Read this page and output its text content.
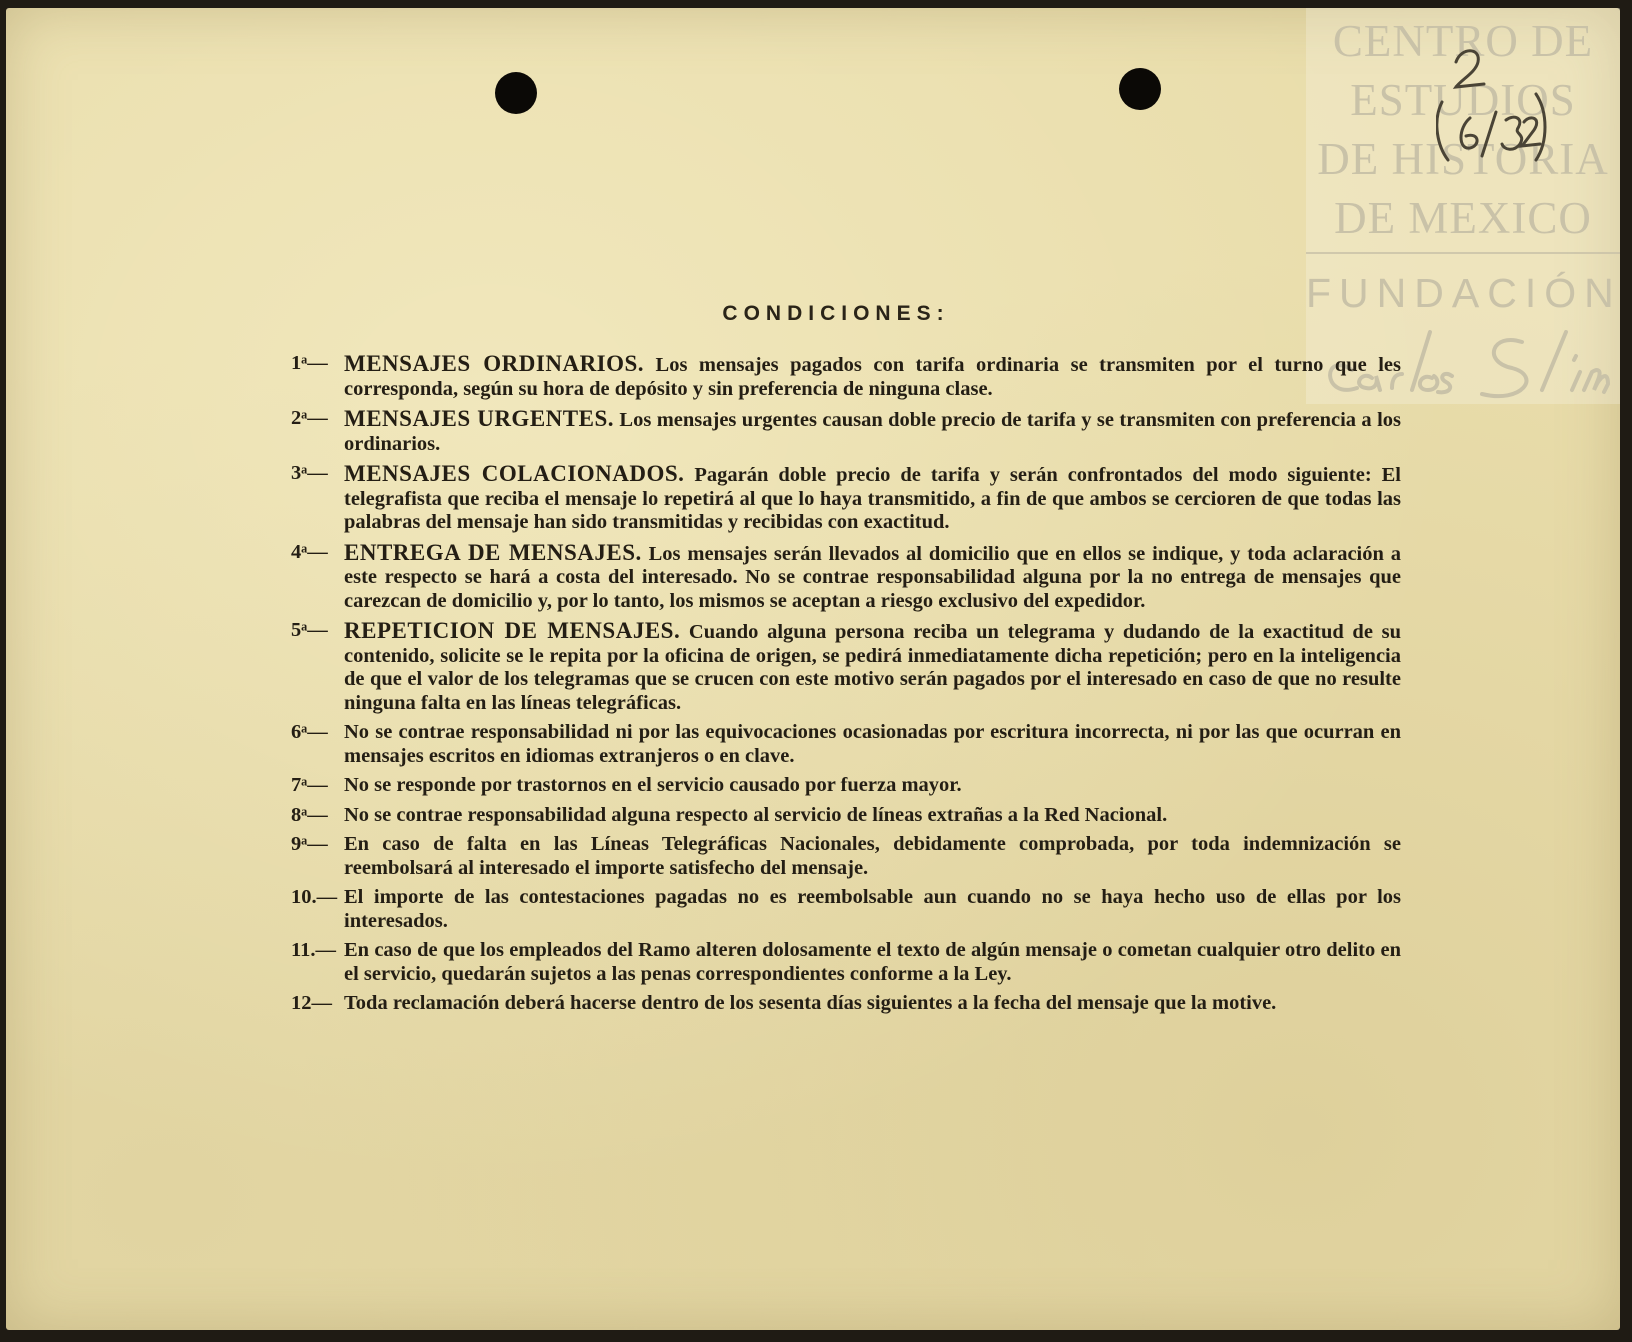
CENTRO DE
ESTUDIOS
DE HISTORIA
DE MEXICO
FUNDACIÓN
CONDICIONES:
1ᵃ— MENSAJES ORDINARIOS. Los mensajes pagados con tarifa ordinaria se transmiten por el turno que les corresponda, según su hora de depósito y sin preferencia de ninguna clase.
2ᵃ— MENSAJES URGENTES. Los mensajes urgentes causan doble precio de tarifa y se transmiten con preferencia a los ordinarios.
3ᵃ— MENSAJES COLACIONADOS. Pagarán doble precio de tarifa y serán confrontados del modo siguiente: El telegrafista que reciba el mensaje lo repetirá al que lo haya transmitido, a fin de que ambos se cercioren de que todas las palabras del mensaje han sido transmitidas y recibidas con exactitud.
4ᵃ— ENTREGA DE MENSAJES. Los mensajes serán llevados al domicilio que en ellos se indique, y toda aclaración a este respecto se hará a costa del interesado. No se contrae responsabilidad alguna por la no entrega de mensajes que carezcan de domicilio y, por lo tanto, los mismos se aceptan a riesgo exclusivo del expedidor.
5ᵃ— REPETICION DE MENSAJES. Cuando alguna persona reciba un telegrama y dudando de la exactitud de su contenido, solicite se le repita por la oficina de origen, se pedirá inmediatamente dicha repetición; pero en la inteligencia de que el valor de los telegramas que se crucen con este motivo serán pagados por el interesado en caso de que no resulte ninguna falta en las líneas telegráficas.
6ᵃ— No se contrae responsabilidad ni por las equivocaciones ocasionadas por escritura incorrecta, ni por las que ocurran en mensajes escritos en idiomas extranjeros o en clave.
7ᵃ— No se responde por trastornos en el servicio causado por fuerza mayor.
8ᵃ— No se contrae responsabilidad alguna respecto al servicio de líneas extrañas a la Red Nacional.
9ᵃ— En caso de falta en las Líneas Telegráficas Nacionales, debidamente comprobada, por toda indemnización se reembolsará al interesado el importe satisfecho del mensaje.
10.— El importe de las contestaciones pagadas no es reembolsable aun cuando no se haya hecho uso de ellas por los interesados.
11.— En caso de que los empleados del Ramo alteren dolosamente el texto de algún mensaje o cometan cualquier otro delito en el servicio, quedarán sujetos a las penas correspondientes conforme a la Ley.
12— Toda reclamación deberá hacerse dentro de los sesenta días siguientes a la fecha del mensaje que la motive.
